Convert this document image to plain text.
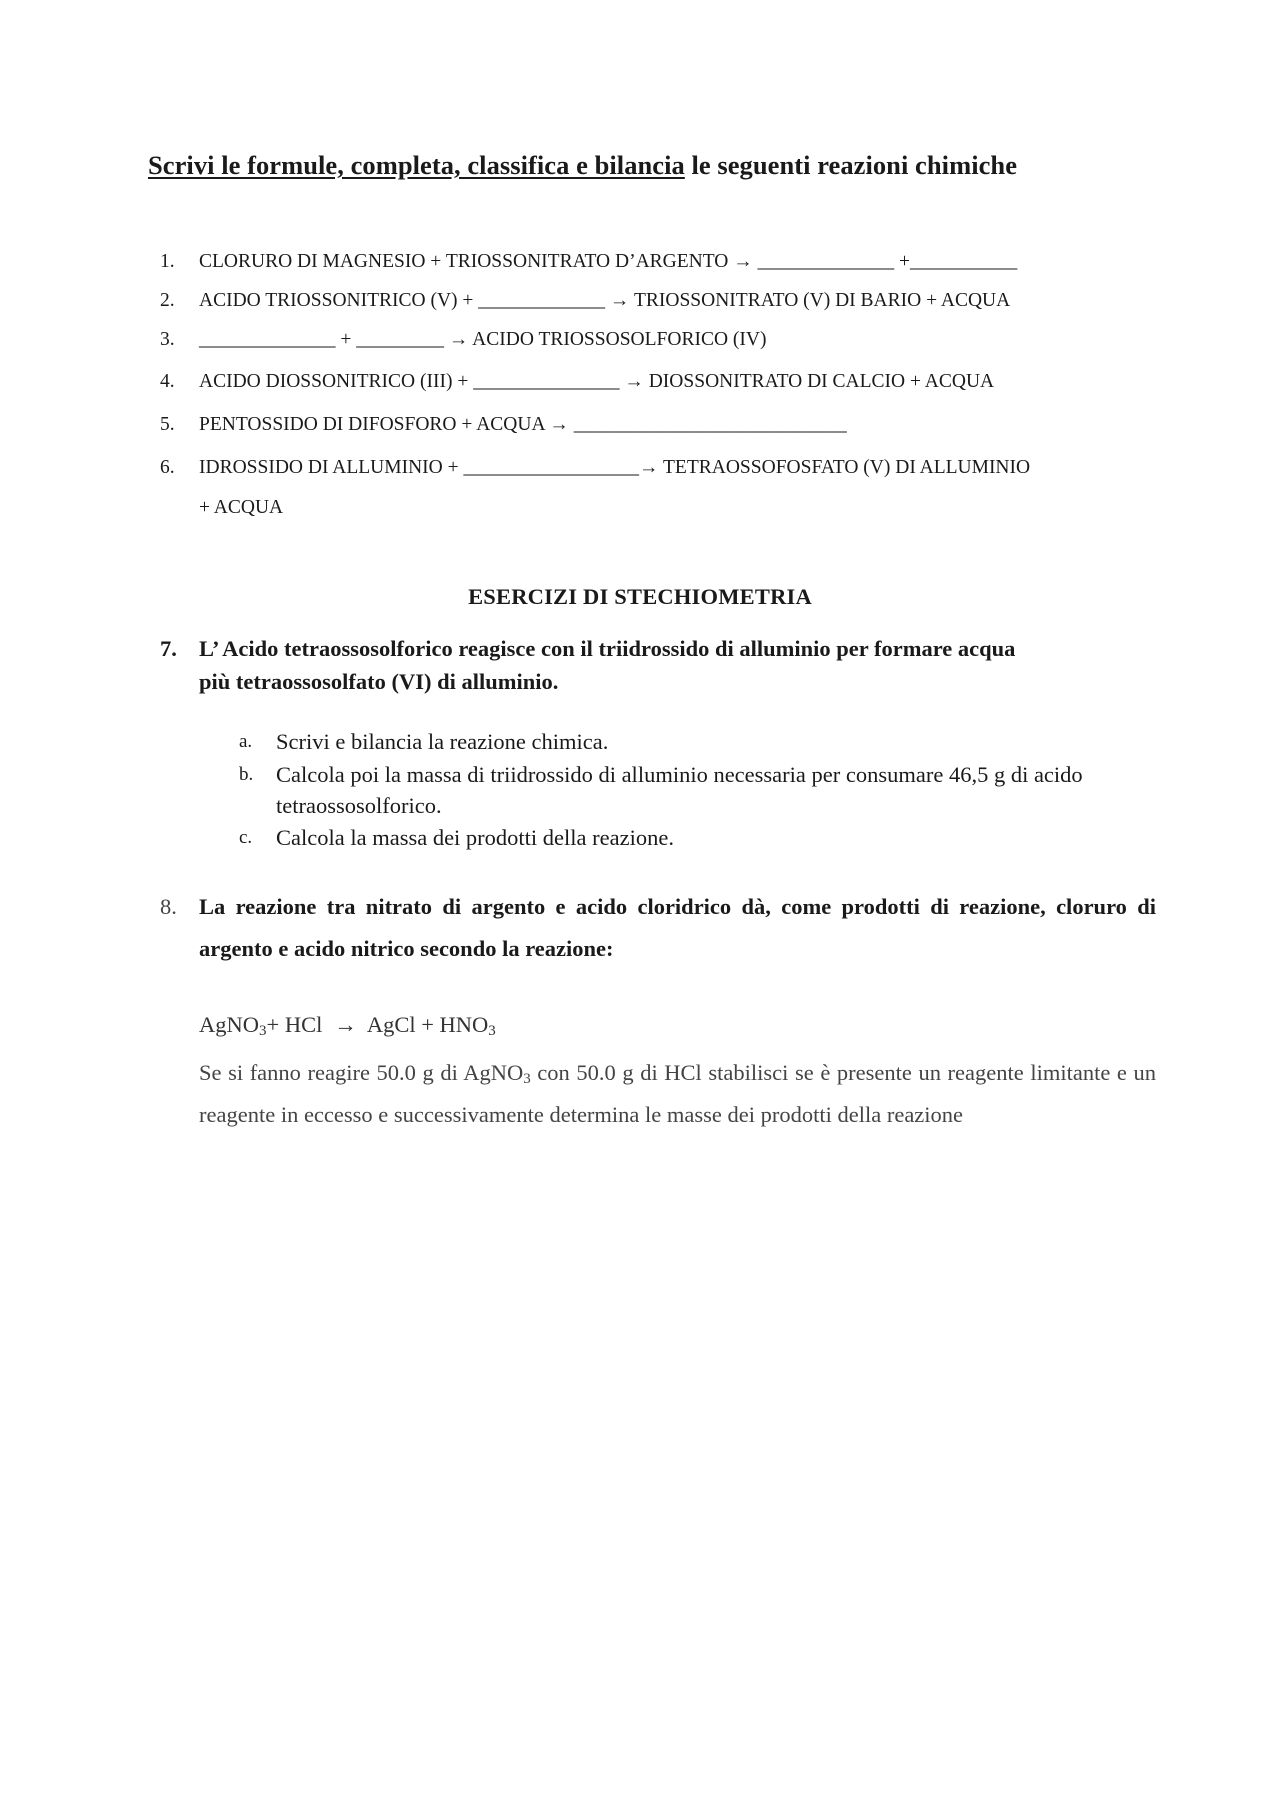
Scrivi le formule, completa, classifica e bilancia le seguenti reazioni chimiche
1. CLORURO DI MAGNESIO + TRIOSSONITRATO D’ARGENTO → ______________ +___________
2. ACIDO TRIOSSONITRICO (V) + _____________ → TRIOSSONITRATO (V) DI BARIO + ACQUA
3. ______________ + _________ → ACIDO TRIOSSOSOLFORICO (IV)
4. ACIDO DIOSSONITRICO (III) + _______________ → DIOSSONITRATO DI CALCIO + ACQUA
5. PENTOSSIDO DI DIFOSFORO + ACQUA → ____________________________
6. IDROSSIDO DI ALLUMINIO + __________________→ TETRAOSSOFOSFATO (V) DI ALLUMINIO
+ ACQUA
ESERCIZI DI STECHIOMETRIA
7. L’ Acido tetraossosolforico reagisce con il triidrossido di alluminio per formare acqua
più tetraossosolfato (VI) di alluminio.
a. Scrivi e bilancia la reazione chimica.
b. Calcola poi la massa di triidrossido di alluminio necessaria per consumare 46,5 g di acido tetraossosolforico.
c. Calcola la massa dei prodotti della reazione.
8. La reazione tra nitrato di argento e acido cloridrico dà, come prodotti di reazione, cloruro di argento e acido nitrico secondo la reazione:
AgNO$_3$+ HCl → AgCl + $HNO_3$
Se si fanno reagire 50.0 g di AgNO$_3$ con 50.0 g di HCl stabilisci se è presente un reagente limitante e un reagente in eccesso e successivamente determina le masse dei prodotti della reazione
